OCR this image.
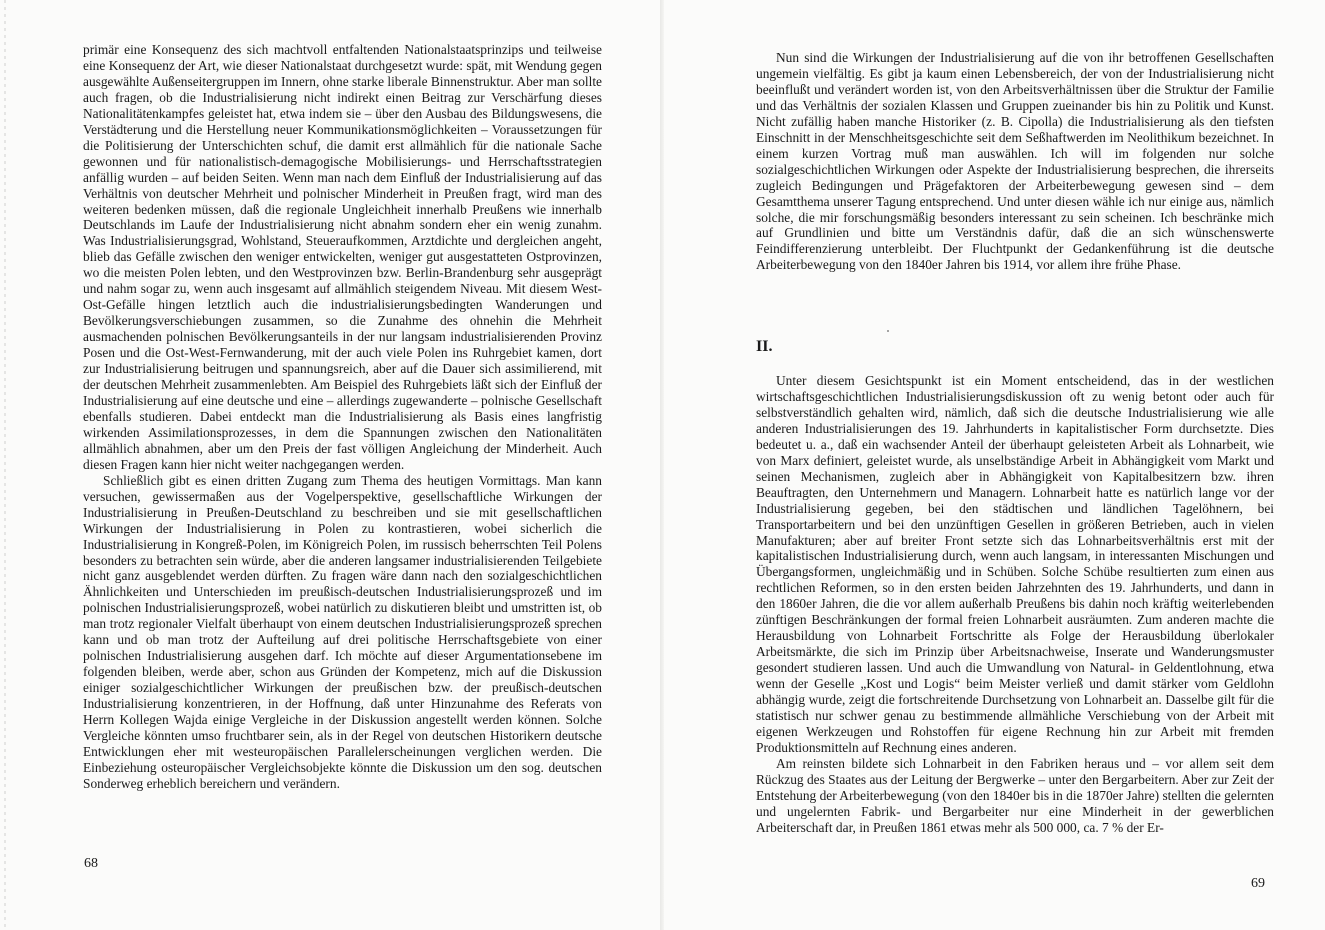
primär eine Konsequenz des sich machtvoll entfaltenden Nationalstaatsprinzips und teilweise eine Konsequenz der Art, wie dieser Nationalstaat durchgesetzt wurde: spät, mit Wendung gegen ausgewählte Außenseitergruppen im Innern, ohne starke liberale Binnenstruktur. Aber man sollte auch fragen, ob die Industrialisierung nicht indirekt einen Beitrag zur Verschärfung dieses Nationalitätenkampfes geleistet hat, etwa indem sie – über den Ausbau des Bildungswesens, die Verstädterung und die Herstellung neuer Kommunikationsmöglichkeiten – Voraussetzungen für die Politisierung der Unterschichten schuf, die damit erst allmählich für die nationale Sache gewonnen und für nationalistisch-demagogische Mobilisierungs- und Herrschaftsstrategien anfällig wurden – auf beiden Seiten. Wenn man nach dem Einfluß der Industrialisierung auf das Verhältnis von deutscher Mehrheit und polnischer Minderheit in Preußen fragt, wird man des weiteren bedenken müssen, daß die regionale Ungleichheit innerhalb Preußens wie innerhalb Deutschlands im Laufe der Industrialisierung nicht abnahm sondern eher ein wenig zunahm. Was Industrialisierungsgrad, Wohlstand, Steueraufkommen, Arztdichte und dergleichen angeht, blieb das Gefälle zwischen den weniger entwickelten, weniger gut ausgestatteten Ostprovinzen, wo die meisten Polen lebten, und den Westprovinzen bzw. Berlin-Brandenburg sehr ausgeprägt und nahm sogar zu, wenn auch insgesamt auf allmählich steigendem Niveau. Mit diesem West-Ost-Gefälle hingen letztlich auch die industrialisierungsbedingten Wanderungen und Bevölkerungsverschiebungen zusammen, so die Zunahme des ohnehin die Mehrheit ausmachenden polnischen Bevölkerungsanteils in der nur langsam industrialisierenden Provinz Posen und die Ost-West-Fernwanderung, mit der auch viele Polen ins Ruhrgebiet kamen, dort zur Industrialisierung beitrugen und spannungsreich, aber auf die Dauer sich assimilierend, mit der deutschen Mehrheit zusammenlebten. Am Beispiel des Ruhrgebiets läßt sich der Einfluß der Industrialisierung auf eine deutsche und eine – allerdings zugewanderte – polnische Gesellschaft ebenfalls studieren. Dabei entdeckt man die Industrialisierung als Basis eines langfristig wirkenden Assimilationsprozesses, in dem die Spannungen zwischen den Nationalitäten allmählich abnahmen, aber um den Preis der fast völligen Angleichung der Minderheit. Auch diesen Fragen kann hier nicht weiter nachgegangen werden.

Schließlich gibt es einen dritten Zugang zum Thema des heutigen Vormittags. Man kann versuchen, gewissermaßen aus der Vogelperspektive, gesellschaftliche Wirkungen der Industrialisierung in Preußen-Deutschland zu beschreiben und sie mit gesellschaftlichen Wirkungen der Industrialisierung in Polen zu kontrastieren, wobei sicherlich die Industrialisierung in Kongreß-Polen, im Königreich Polen, im russisch beherrschten Teil Polens besonders zu betrachten sein würde, aber die anderen langsamer industrialisierenden Teilgebiete nicht ganz ausgeblendet werden dürften. Zu fragen wäre dann nach den sozialgeschichtlichen Ähnlichkeiten und Unterschieden im preußisch-deutschen Industrialisierungsprozeß und im polnischen Industrialisierungsprozeß, wobei natürlich zu diskutieren bleibt und umstritten ist, ob man trotz regionaler Vielfalt überhaupt von einem deutschen Industrialisierungsprozeß sprechen kann und ob man trotz der Aufteilung auf drei politische Herrschaftsgebiete von einer polnischen Industrialisierung ausgehen darf. Ich möchte auf dieser Argumentationsebene im folgenden bleiben, werde aber, schon aus Gründen der Kompetenz, mich auf die Diskussion einiger sozialgeschichtlicher Wirkungen der preußischen bzw. der preußisch-deutschen Industrialisierung konzentrieren, in der Hoffnung, daß unter Hinzunahme des Referats von Herrn Kollegen Wajda einige Vergleiche in der Diskussion angestellt werden können. Solche Vergleiche könnten umso fruchtbarer sein, als in der Regel von deutschen Historikern deutsche Entwicklungen eher mit westeuropäischen Parallelerscheinungen verglichen werden. Die Einbeziehung osteuropäischer Vergleichsobjekte könnte die Diskussion um den sog. deutschen Sonderweg erheblich bereichern und verändern.

68

Nun sind die Wirkungen der Industrialisierung auf die von ihr betroffenen Gesellschaften ungemein vielfältig. Es gibt ja kaum einen Lebensbereich, der von der Industrialisierung nicht beeinflußt und verändert worden ist, von den Arbeitsverhältnissen über die Struktur der Familie und das Verhältnis der sozialen Klassen und Gruppen zueinander bis hin zu Politik und Kunst. Nicht zufällig haben manche Historiker (z. B. Cipolla) die Industrialisierung als den tiefsten Einschnitt in der Menschheitsgeschichte seit dem Seßhaftwerden im Neolithikum bezeichnet. In einem kurzen Vortrag muß man auswählen. Ich will im folgenden nur solche sozialgeschichtlichen Wirkungen oder Aspekte der Industrialisierung besprechen, die ihrerseits zugleich Bedingungen und Prägefaktoren der Arbeiterbewegung gewesen sind – dem Gesamtthema unserer Tagung entsprechend. Und unter diesen wähle ich nur einige aus, nämlich solche, die mir forschungsmäßig besonders interessant zu sein scheinen. Ich beschränke mich auf Grundlinien und bitte um Verständnis dafür, daß die an sich wünschenswerte Feindifferenzierung unterbleibt. Der Fluchtpunkt der Gedankenführung ist die deutsche Arbeiterbewegung von den 1840er Jahren bis 1914, vor allem ihre frühe Phase.

II.

Unter diesem Gesichtspunkt ist ein Moment entscheidend, das in der westlichen wirtschaftsgeschichtlichen Industrialisierungsdiskussion oft zu wenig betont oder auch für selbstverständlich gehalten wird, nämlich, daß sich die deutsche Industrialisierung wie alle anderen Industrialisierungen des 19. Jahrhunderts in kapitalistischer Form durchsetzte. Dies bedeutet u. a., daß ein wachsender Anteil der überhaupt geleisteten Arbeit als Lohnarbeit, wie von Marx definiert, geleistet wurde, als unselbständige Arbeit in Abhängigkeit vom Markt und seinen Mechanismen, zugleich aber in Abhängigkeit von Kapitalbesitzern bzw. ihren Beauftragten, den Unternehmern und Managern. Lohnarbeit hatte es natürlich lange vor der Industrialisierung gegeben, bei den städtischen und ländlichen Tagelöhnern, bei Transportarbeitern und bei den unzünftigen Gesellen in größeren Betrieben, auch in vielen Manufakturen; aber auf breiter Front setzte sich das Lohnarbeitsverhältnis erst mit der kapitalistischen Industrialisierung durch, wenn auch langsam, in interessanten Mischungen und Übergangsformen, ungleichmäßig und in Schüben. Solche Schübe resultierten zum einen aus rechtlichen Reformen, so in den ersten beiden Jahrzehnten des 19. Jahrhunderts, und dann in den 1860er Jahren, die die vor allem außerhalb Preußens bis dahin noch kräftig weiterlebenden zünftigen Beschränkungen der formal freien Lohnarbeit ausräumten. Zum anderen machte die Herausbildung von Lohnarbeit Fortschritte als Folge der Herausbildung überlokaler Arbeitsmärkte, die sich im Prinzip über Arbeitsnachweise, Inserate und Wanderungsmuster gesondert studieren lassen. Und auch die Umwandlung von Natural- in Geldentlohnung, etwa wenn der Geselle „Kost und Logis“ beim Meister verließ und damit stärker vom Geldlohn abhängig wurde, zeigt die fortschreitende Durchsetzung von Lohnarbeit an. Dasselbe gilt für die statistisch nur schwer genau zu bestimmende allmähliche Verschiebung von der Arbeit mit eigenen Werkzeugen und Rohstoffen für eigene Rechnung hin zur Arbeit mit fremden Produktionsmitteln auf Rechnung eines anderen.

Am reinsten bildete sich Lohnarbeit in den Fabriken heraus und – vor allem seit dem Rückzug des Staates aus der Leitung der Bergwerke – unter den Bergarbeitern. Aber zur Zeit der Entstehung der Arbeiterbewegung (von den 1840er bis in die 1870er Jahre) stellten die gelernten und ungelernten Fabrik- und Bergarbeiter nur eine Minderheit in der gewerblichen Arbeiterschaft dar, in Preußen 1861 etwas mehr als 500 000, ca. 7 % der Er-

69
